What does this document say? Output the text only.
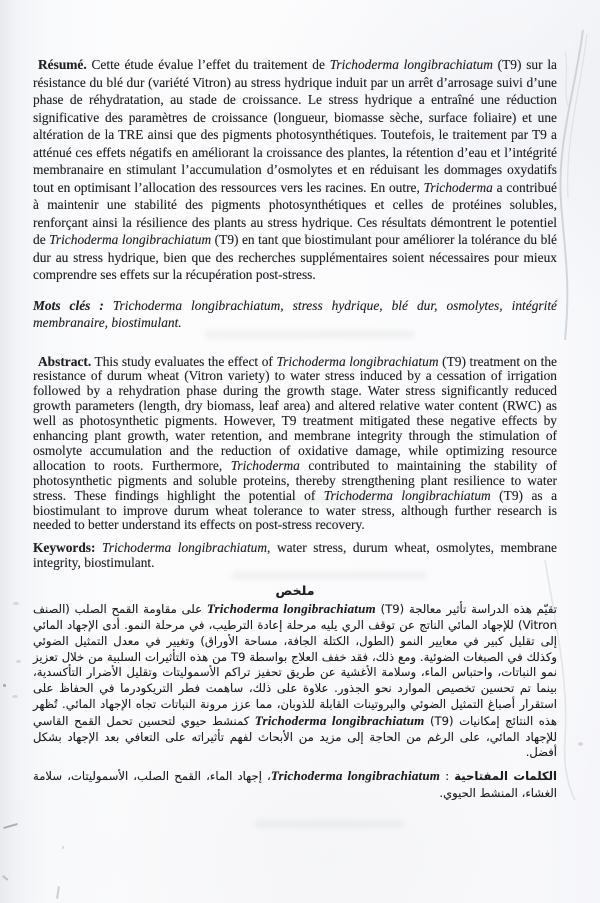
Résumé. Cette étude évalue l’effet du traitement de Trichoderma longibrachiatum (T9) sur la résistance du blé dur (variété Vitron) au stress hydrique induit par un arrêt d’arrosage suivi d’une phase de réhydratation, au stade de croissance. Le stress hydrique a entraîné une réduction significative des paramètres de croissance (longueur, biomasse sèche, surface foliaire) et une altération de la TRE ainsi que des pigments photosynthétiques. Toutefois, le traitement par T9 a atténué ces effets négatifs en améliorant la croissance des plantes, la rétention d’eau et l’intégrité membranaire en stimulant l’accumulation d’osmolytes et en réduisant les dommages oxydatifs tout en optimisant l’allocation des ressources vers les racines. En outre, Trichoderma a contribué à maintenir une stabilité des pigments photosynthétiques et celles de protéines solubles, renforçant ainsi la résilience des plants au stress hydrique. Ces résultats démontrent le potentiel de Trichoderma longibrachiatum (T9) en tant que biostimulant pour améliorer la tolérance du blé dur au stress hydrique, bien que des recherches supplémentaires soient nécessaires pour mieux comprendre ses effets sur la récupération post-stress.

Mots clés : Trichoderma longibrachiatum, stress hydrique, blé dur, osmolytes, intégrité membranaire, biostimulant.

Abstract. This study evaluates the effect of Trichoderma longibrachiatum (T9) treatment on the resistance of durum wheat (Vitron variety) to water stress induced by a cessation of irrigation followed by a rehydration phase during the growth stage. Water stress significantly reduced growth parameters (length, dry biomass, leaf area) and altered relative water content (RWC) as well as photosynthetic pigments. However, T9 treatment mitigated these negative effects by enhancing plant growth, water retention, and membrane integrity through the stimulation of osmolyte accumulation and the reduction of oxidative damage, while optimizing resource allocation to roots. Furthermore, Trichoderma contributed to maintaining the stability of photosynthetic pigments and soluble proteins, thereby strengthening plant resilience to water stress. These findings highlight the potential of Trichoderma longibrachiatum (T9) as a biostimulant to improve durum wheat tolerance to water stress, although further research is needed to better understand its effects on post-stress recovery.

Keywords: Trichoderma longibrachiatum, water stress, durum wheat, osmolytes, membrane integrity, biostimulant.

ملخص

تقيّم هذه الدراسة تأثير معالجة (T9) Trichoderma longibrachiatum على مقاومة القمح الصلب (الصنف Vitron) للإجهاد المائي الناتج عن توقف الري يليه مرحلة إعادة الترطيب، في مرحلة النمو. أدى الإجهاد المائي إلى تقليل كبير في معايير النمو (الطول، الكتلة الجافة، مساحة الأوراق) وتغيير في معدل التمثيل الضوئي وكذلك في الصبغات الضوئية. ومع ذلك، فقد خفف العلاج بواسطة T9 من هذه التأثيرات السلبية من خلال تعزيز نمو النباتات، واحتباس الماء، وسلامة الأغشية عن طريق تحفيز تراكم الأسموليتات وتقليل الأضرار التأكسدية، بينما تم تحسين تخصيص الموارد نحو الجذور. علاوة على ذلك، ساهمت فطر التريكودرما في الحفاظ على استقرار أصباغ التمثيل الضوئي والبروتينات القابلة للذوبان، مما عزز مرونة النباتات تجاه الإجهاد المائي. تُظهر هذه النتائج إمكانيات (T9) Trichoderma longibrachiatum كمنشط حيوي لتحسين تحمل القمح القاسي للإجهاد المائي، على الرغم من الحاجة إلى مزيد من الأبحاث لفهم تأثيراته على التعافي بعد الإجهاد بشكل أفضل.

الكلمات المفتاحية : Trichoderma longibrachiatum، إجهاد الماء، القمح الصلب، الأسموليتات، سلامة الغشاء، المنشط الحيوي.
